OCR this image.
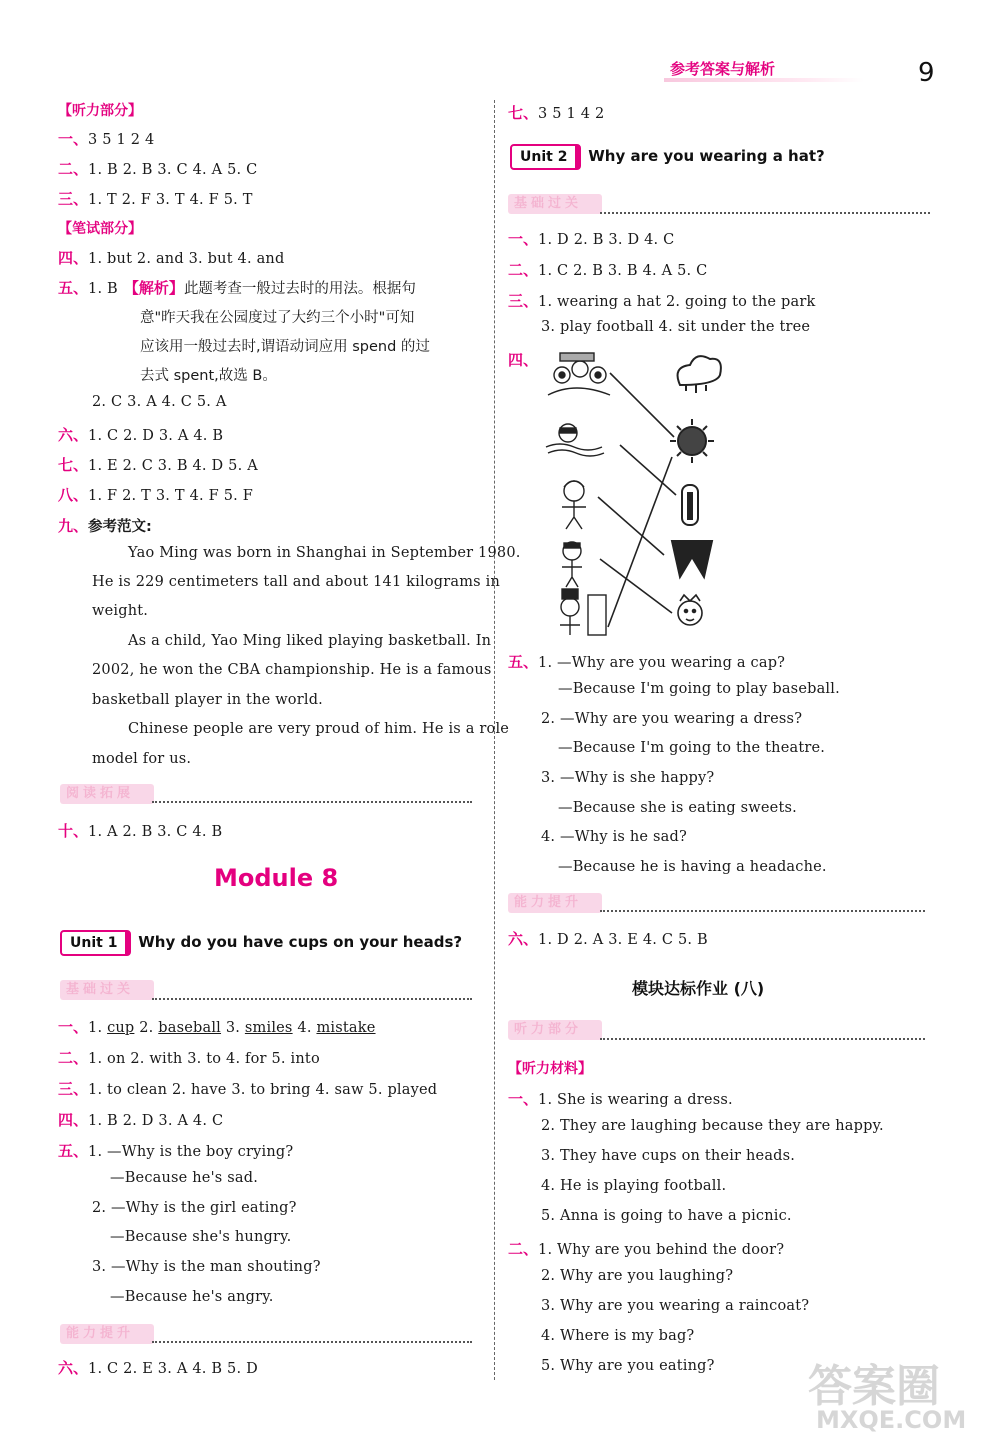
参考答案与解析	9
【听力部分】
一、3 5 1 2 4
二、1. B 2. B 3. C 4. A 5. C
三、1. T 2. F 3. T 4. F 5. T
【笔试部分】
四、1. but 2. and 3. but 4. and
五、1. B 【解析】此题考查一般过去时的用法。根据句
意"昨天我在公园度过了大约三个小时"可知
应该用一般过去时,谓语动词应用 spend 的过
去式 spent,故选 B。
2. C 3. A 4. C 5. A
六、1. C 2. D 3. A 4. B
七、1. E 2. C 3. B 4. D 5. A
八、1. F 2. T 3. T 4. F 5. F
九、参考范文:
Yao Ming was born in Shanghai in September 1980.
He is 229 centimeters tall and about 141 kilograms in
weight.
As a child, Yao Ming liked playing basketball. In
2002, he won the CBA championship. He is a famous
basketball player in the world.
Chinese people are very proud of him. He is a role
model for us.
阅读拓展
十、1. A 2. B 3. C 4. B
Module 8
Unit 1 Why do you have cups on your heads?
基础过关
一、1. cup 2. baseball 3. smiles 4. mistake
二、1. on 2. with 3. to 4. for 5. into
三、1. to clean 2. have 3. to bring 4. saw 5. played
四、1. B 2. D 3. A 4. C
五、1. —Why is the boy crying?
—Because he's sad.
2. —Why is the girl eating?
—Because she's hungry.
3. —Why is the man shouting?
—Because he's angry.
能力提升
六、1. C 2. E 3. A 4. B 5. D
七、3 5 1 4 2
Unit 2 Why are you wearing a hat?
基础过关
一、1. D 2. B 3. D 4. C
二、1. C 2. B 3. B 4. A 5. C
三、1. wearing a hat 2. going to the park
3. play football 4. sit under the tree
四、
五、1. —Why are you wearing a cap?
—Because I'm going to play baseball.
2. —Why are you wearing a dress?
—Because I'm going to the theatre.
3. —Why is she happy?
—Because she is eating sweets.
4. —Why is he sad?
—Because he is having a headache.
能力提升
六、1. D 2. A 3. E 4. C 5. B
模块达标作业 (八)
听力部分
【听力材料】
一、1. She is wearing a dress.
2. They are laughing because they are happy.
3. They have cups on their heads.
4. He is playing football.
5. Anna is going to have a picnic.
二、1. Why are you behind the door?
2. Why are you laughing?
3. Why are you wearing a raincoat?
4. Where is my bag?
5. Why are you eating? 答案圈
MXQE.COM
